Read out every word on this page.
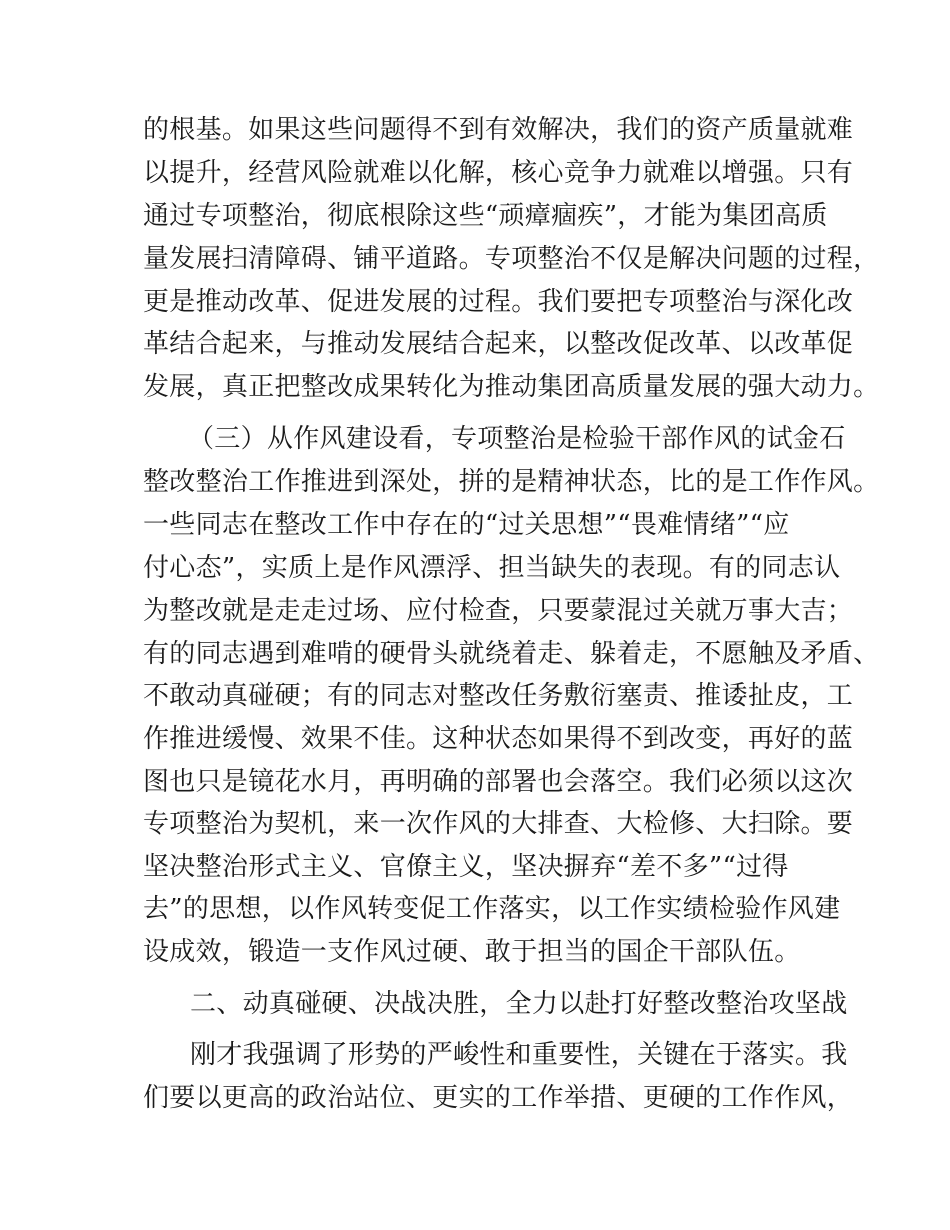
的根基。如果这些问题得不到有效解决，我们的资产质量就难
以提升，经营风险就难以化解，核心竞争力就难以增强。只有
通过专项整治，彻底根除这些“顽瘴痼疾”，才能为集团高质
量发展扫清障碍、铺平道路。专项整治不仅是解决问题的过程，
更是推动改革、促进发展的过程。我们要把专项整治与深化改
革结合起来，与推动发展结合起来，以整改促改革、以改革促
发展，真正把整改成果转化为推动集团高质量发展的强大动力。
（三）从作风建设看，专项整治是检验干部作风的试金石
整改整治工作推进到深处，拼的是精神状态，比的是工作作风。
一些同志在整改工作中存在的“过关思想”“畏难情绪”“应
付心态”，实质上是作风漂浮、担当缺失的表现。有的同志认
为整改就是走走过场、应付检查，只要蒙混过关就万事大吉；
有的同志遇到难啃的硬骨头就绕着走、躲着走，不愿触及矛盾、
不敢动真碰硬；有的同志对整改任务敷衍塞责、推诿扯皮，工
作推进缓慢、效果不佳。这种状态如果得不到改变，再好的蓝
图也只是镜花水月，再明确的部署也会落空。我们必须以这次
专项整治为契机，来一次作风的大排查、大检修、大扫除。要
坚决整治形式主义、官僚主义，坚决摒弃“差不多”“过得
去”的思想，以作风转变促工作落实，以工作实绩检验作风建
设成效，锻造一支作风过硬、敢于担当的国企干部队伍。
二、动真碰硬、决战决胜，全力以赴打好整改整治攻坚战
刚才我强调了形势的严峻性和重要性，关键在于落实。我
们要以更高的政治站位、更实的工作举措、更硬的工作作风，
